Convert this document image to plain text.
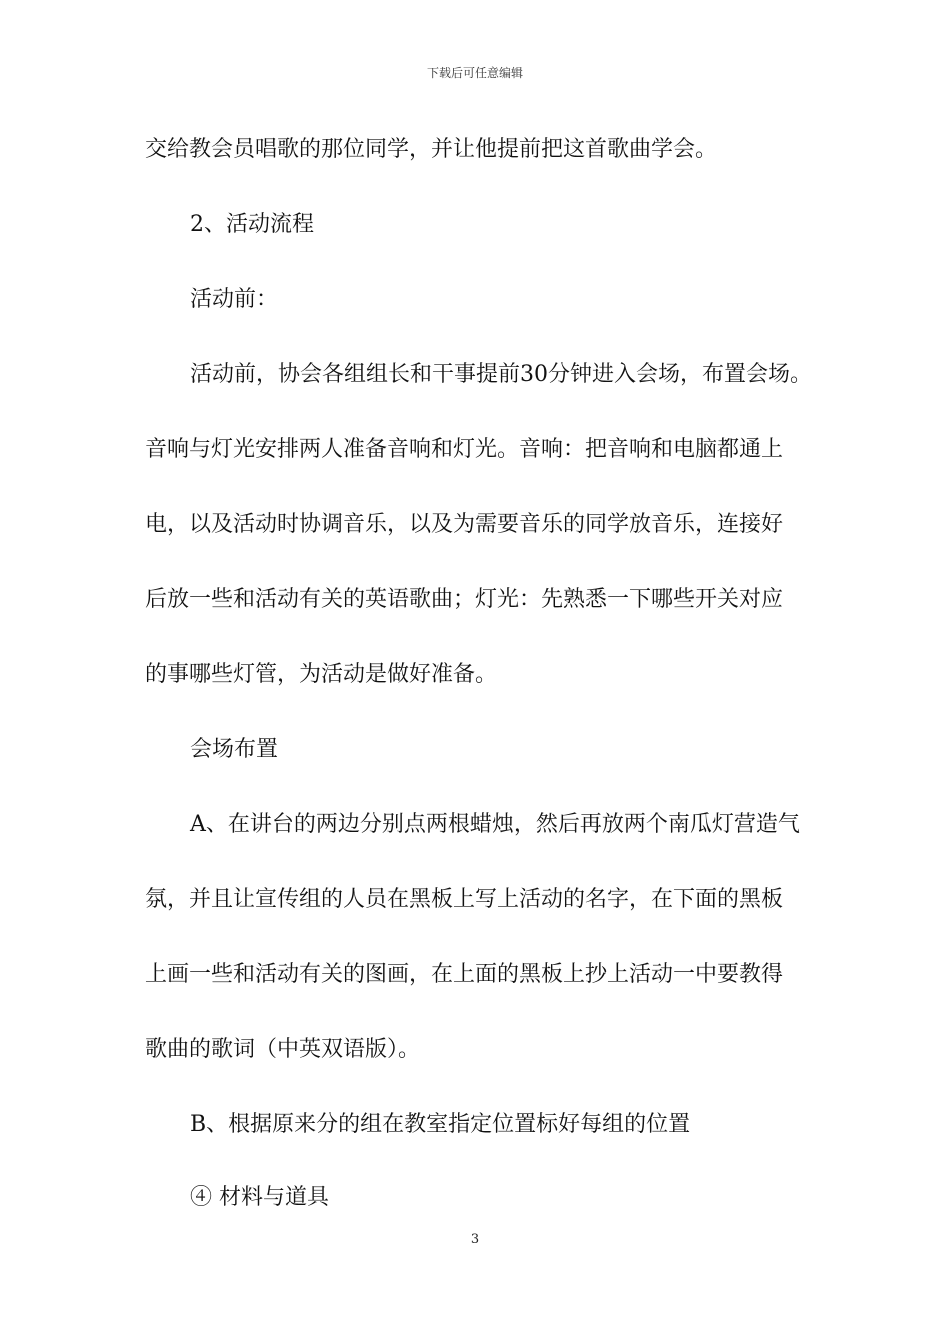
下载后可任意编辑
交给教会员唱歌的那位同学，并让他提前把这首歌曲学会。
2、活动流程
活动前：
活动前，协会各组组长和干事提前30分钟进入会场，布置会场。
音响与灯光安排两人准备音响和灯光。音响：把音响和电脑都通上
电，以及活动时协调音乐，以及为需要音乐的同学放音乐，连接好
后放一些和活动有关的英语歌曲；灯光：先熟悉一下哪些开关对应
的事哪些灯管，为活动是做好准备。
会场布置
A、在讲台的两边分别点两根蜡烛，然后再放两个南瓜灯营造气
氛，并且让宣传组的人员在黑板上写上活动的名字，在下面的黑板
上画一些和活动有关的图画，在上面的黑板上抄上活动一中要教得
歌曲的歌词（中英双语版）。
B、根据原来分的组在教室指定位置标好每组的位置
④ 材料与道具
3
